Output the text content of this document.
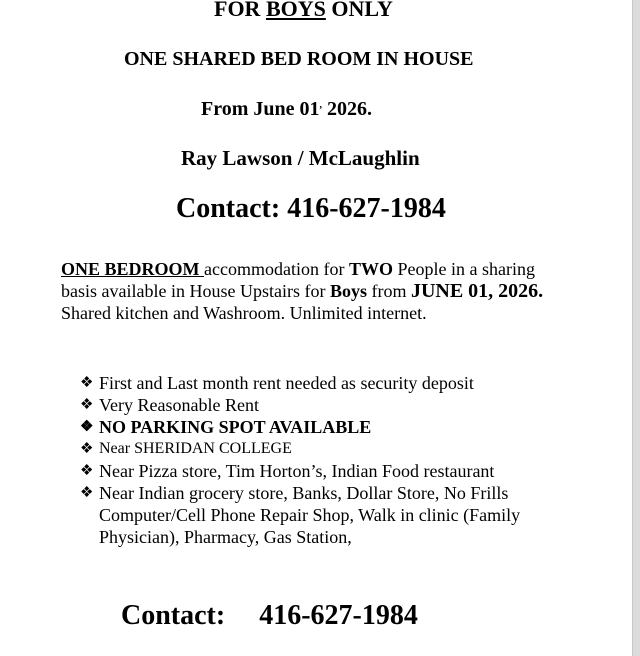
FOR BOYS ONLY
ONE SHARED BED ROOM IN HOUSE
From June 01, 2026.
Ray Lawson / McLaughlin
Contact: 416-627-1984
ONE BEDROOM accommodation for TWO People in a sharing basis available in House Upstairs for Boys from JUNE 01, 2026. Shared kitchen and Washroom. Unlimited internet.
❖ First and Last month rent needed as security deposit
❖ Very Reasonable Rent
❖ NO PARKING SPOT AVAILABLE
❖ Near SHERIDAN COLLEGE
❖ Near Pizza store, Tim Horton’s, Indian Food restaurant
❖ Near Indian grocery store, Banks, Dollar Store, No Frills Computer/Cell Phone Repair Shop, Walk in clinic (Family Physician), Pharmacy, Gas Station,
Contact: 416-627-1984
